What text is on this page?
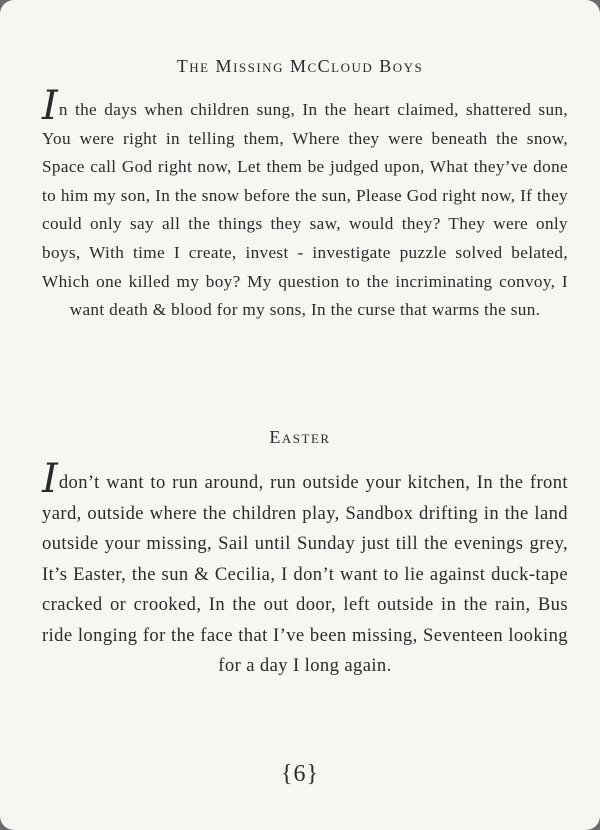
The Missing McCloud Boys

In the days when children sung, In the heart claimed, shattered sun, You were right in telling them, Where they were beneath the snow, Space call God right now, Let them be judged upon, What they’ve done to him my son, In the snow before the sun, Please God right now, If they could only say all the things they saw, would they? They were only boys, With time I create, invest - investigate puzzle solved belated, Which one killed my boy? My question to the incriminating convoy, I want death & blood for my sons, In the curse that warms the sun.

Easter

Idon’t want to run around, run outside your kitchen, In the front yard, outside where the children play, Sandbox drifting in the land outside your missing, Sail until Sunday just till the evenings grey, It’s Easter, the sun & Cecilia, I don’t want to lie against duck-tape cracked or crooked, In the out door, left outside in the rain, Bus ride longing for the face that I’ve been missing, Seventeen looking for a day I long again.

{6}
